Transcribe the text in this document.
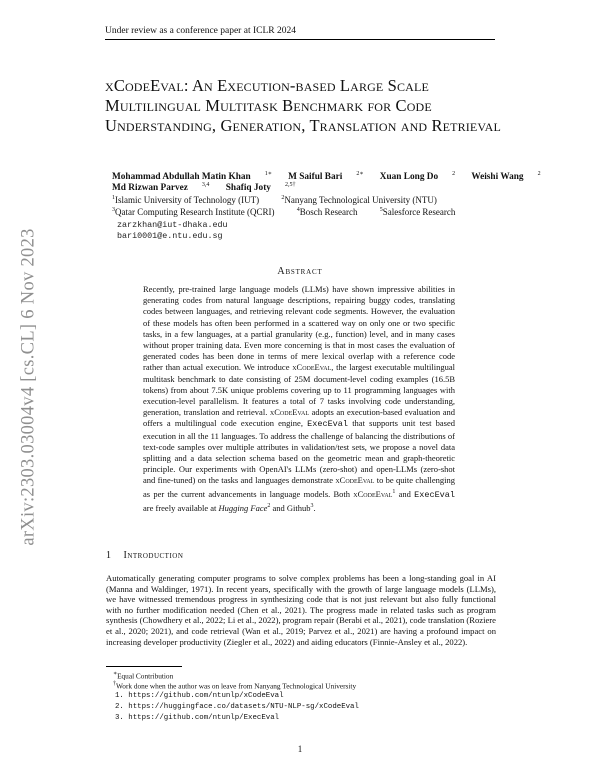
Under review as a conference paper at ICLR 2024
xCodeEval: An Execution-based Large Scale Multilingual Multitask Benchmark for Code Understanding, Generation, Translation and Retrieval
Mohammad Abdullah Matin Khan $^{1∗}$ M Saiful Bari $^{2∗}$ Xuan Long Do $^2$ Weishi Wang $^2$
Md Rizwan Parvez $^{3,4}$ Shafiq Joty $^{2,5\dagger}$
$^1$Islamic University of Technology (IUT)	$^2$Nanyang Technological University (NTU)
$^3$Qatar Computing Research Institute (QCRI)	$^4$Bosch Research	$^5$Salesforce Research
zarzkhan@iut-dhaka.edu
bari0001@e.ntu.edu.sg
Abstract

Recently, pre-trained large language models (LLMs) have shown impressive abilities in generating codes from natural language descriptions, repairing buggy codes, translating codes between languages, and retrieving relevant code segments. However, the evaluation of these models has often been performed in a scattered way on only one or two specific tasks, in a few languages, at a partial granularity (e.g., function) level, and in many cases without proper training data. Even more concerning is that in most cases the evaluation of generated codes has been done in terms of mere lexical overlap with a reference code rather than actual execution. We introduce xCodeEval, the largest executable multilingual multitask benchmark to date consisting of 25M document-level coding examples (16.5B tokens) from about 7.5K unique problems covering up to 11 programming languages with execution-level parallelism. It features a total of 7 tasks involving code understanding, generation, translation and retrieval. xCodeEval adopts an execution-based evaluation and offers a multilingual code execution engine, ExecEval that supports unit test based execution in all the 11 languages. To address the challenge of balancing the distributions of text-code samples over multiple attributes in validation/test sets, we propose a novel data splitting and a data selection schema based on the geometric mean and graph-theoretic principle. Our experiments with OpenAI's LLMs (zero-shot) and open-LLMs (zero-shot and fine-tuned) on the tasks and languages demonstrate xCodeEval to be quite challenging as per the current advancements in language models. Both xCodeEval$^1$ and ExecEval are freely available at Hugging Face$^2$ and Github$^3$.

1 Introduction

Automatically generating computer programs to solve complex problems has been a long-standing goal in AI (Manna and Waldinger, 1971). In recent years, specifically with the growth of large language models (LLMs), we have witnessed tremendous progress in synthesizing code that is not just relevant but also fully functional with no further modification needed (Chen et al., 2021). The progress made in related tasks such as program synthesis (Chowdhery et al., 2022; Li et al., 2022), program repair (Berabi et al., 2021), code translation (Roziere et al., 2020; 2021), and code retrieval (Wan et al., 2019; Parvez et al., 2021) are having a profound impact on increasing developer productivity (Ziegler et al., 2022) and aiding educators (Finnie-Ansley et al., 2022).

∗Equal Contribution
†Work done when the author was on leave from Nanyang Technological University
1. https://github.com/ntunlp/xCodeEval
2. https://huggingface.co/datasets/NTU-NLP-sg/xCodeEval
3. https://github.com/ntunlp/ExecEval
1
arXiv:2303.03004v4 [cs.CL] 6 Nov 2023
